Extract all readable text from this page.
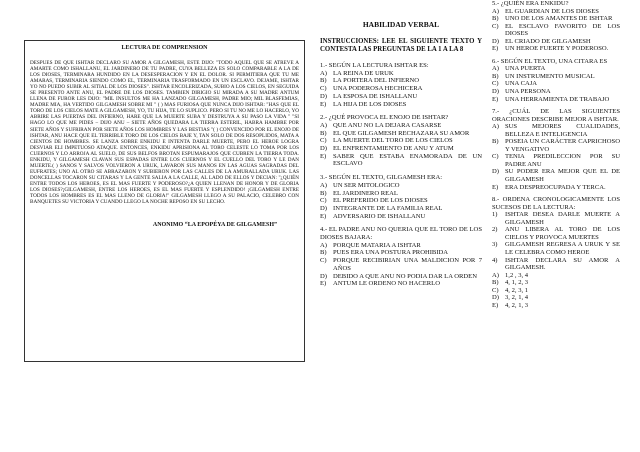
LECTURA DE COMPRENSION

DESPUES DE QUE ISHTAR DECLARO SU AMOR A GILGAMESH, ESTE DIJO: "TODO AQUEL QUE SE ATREVE A AMARTE COMO ISHALLANU, EL JARDINERO DE TU PADRE, CUYA BELLEZA ES SOLO COMPARABLE A LA DE LOS DIOSES, TERMINARA HUNDIDO EN LA DESESPERACION Y EN EL DOLOR. SI PERMITIERA QUE TU ME AMARAS, TERMINARIA SIENDO COMO EL, TERMINARIA TRASFORMADO EN UN ESCLAVO. DEJAME, ISHTAR YO NO PUEDO SUBIR AL SITIAL DE LOS DIOSES". ISHTAR ENCOLERIZADA, SUBIO A LOS CIELOS, EN SEGUIDA SE PRESENTO ANTE ANU, EL PADRE DE LOS DIOSES. TAMBIEN DIRIGIO SU MIRADA A SU MADRE ANTUM LLENA DE FUROR LES DIJO: "MIL INSULTOS ME HA LANZADO GILGAMESH, PADRE MIO; MIL BLASFEMIAS, MADRE MIA, HA VERTIDO GILGAMESH SOBRE MI " ( ) MAS FURIOSA QUE NUNCA DIJO ISHTAR: "HAS QUE EL TORO DE LOS CIELOS MATE A GILGAMESH, YO, TU HIJA, TE LO SUPLICO. PERO SI TU NO ME LO HACERLO, YO ABRIRE LAS PUERTAS DEL INFIERNO, HARE QUE LA MUERTE SUBA Y DESTRUYA A SU PASO LA VIDA " "SI HAGO LO QUE ME PIDES – DIJO ANU – SIETE AÑOS QUEDARA LA TIERRA ESTERIL, HABRA HAMBRE POR SIETE AÑOS Y SUFRIRAN POR SIETE AÑOS LOS HOMBRES Y LAS BESTIAS "( ) CONVENCIDO POR EL ENOJO DE ISHTAR, ANU HACE QUE EL TERRIBLE TORO DE LOS CIELOS BAJE Y, TAN SOLO DE DOS RESOPLIDOS, MATA A CIENTOS DE HOMBRES. SE LANZA SOBRE ENKIDU E INTENTA DARLE MUERTE, PERO EL HEROE LOGRA DESVIAR ELI IMPETUOSO ATAQUE. ENTONCES, ENKIDU APRISIONA AL TORO CELESTE LO TOMA POR LOS CUERNOS Y LO ARROJA AL SUELO, DE SUS BELFOS BROTAN ESPUMARAJOS QUE CUBREN LA TIERRA TODA. ENKIDU, Y GILGAMESH CLAVAN SUS ESPADAS ENTRE LOS CUERNOS Y EL CUELLO DEL TORO Y LE DAN MUERTE.( ) SANOS Y SALVOS VOLVIERON A URUK, LAVARON SUS MANOS EN LAS AGUAS SAGRADAS DEL EUFRATES; UNO AL OTRO SE ABRAZARON Y SUBIERON POR LAS CALLES DE LA AMURALLADA URUK. LAS DONCELLAS TOCARON SU CITARAS Y LA GENTE SALIA A LA CALLE, AL LADO DE ELLOS Y DECIAN: "¿QUIÉN ENTRE TODOS LOS HEROES, ES EL MAS FUERTE Y PODEROSO?¿A QUIEN LLENAN DE HONOR Y DE GLORIA LOS DIOSES?¡GILGAMESH, ENTRE LOS HEROES, ES EL MAS FUERTE Y ESPLENDIDO! ¡GILGAMESH ENTRE TODOS LOS HOMBRES ES EL MAS LLENO DE GLORIA!" GILGAMESH LLEGO A SU PALACIO, CELEBRO CON BANQUETES SU VICTORIA Y CUANDO LLEGO LA NOCHE REPOSO EN SU LECHO.

ANONIMO “LA EPOPÉYA DE GILGAMESH”
HABILIDAD VERBAL
INSTRUCCIONES: LEE EL SIGUIENTE TEXTO Y CONTESTA LAS PREGUNTAS DE LA 1 A LA 8
1.- SEGÚN LA LECTURA ISHTAR ES:
A) LA REINA DE URUK
B) LA PORTERA DEL INFIERNO
C) UNA PODEROSA HECHICERA
D) LA ESPOSA DE ISHALLANU
E)	LA HIJA DE LOS DIOSES
2.- ¿QUÉ PROVOCA EL ENOJO DE ISHTAR?
A) QUE ANU NO LA DEJARA CASARSE
B) EL QUE GILGAMESH RECHAZARA SU AMOR
C) LA MUERTE DEL TORO DE LOS CIELOS
D) EL ENFRENTAMIENTO DE ANU Y ATUM
E)	SABER QUE ESTABA ENAMORADA DE UN ESCLAVO
3.- SEGÚN EL TEXTO, GILGAMESH ERA:
A) UN SER MITOLOGICO
B) EL JARDINERO REAL
C) EL PREFERIDO DE LOS DIOSES
D) INTEGRANTE DE LA FAMILIA REAL
E)	ADVERSARIO DE ISHALLANU
4.- EL PADRE ANU NO QUERIA QUE EL TORO DE LOS DIOSES BAJARA:
A) PORQUE MATARIA A ISHTAR
B) PUES ERA UNA POSTURA PROHIBIDA
C) PORQUE RECIBIRIAN UNA MALDICION POR 7 AÑOS
D) DEBIDO A QUE ANU NO PODIA DAR LA ORDEN
E)	ANTUM LE ORDENO NO HACERLO
5.- ¿QUIÉN ERA ENKIDU?
A) EL GUARDIAN DE LOS DIOSES
B) UNO DE LOS AMANTES DE ISHTAR
C) EL ESCLAVO FAVORITO DE LOS DIOSES
D) EL CRIADO DE GILGAMESH
E)	UN HEROE FUERTE Y PODEROSO.
6.- SEGÚN EL TEXTO, UNA CITARA ES
A) UNA PUERTA
B) UN INSTRUMENTO MUSICAL
C) UNA CAJA
D) UNA PERSONA
E)	UNA HERRAMIENTA DE TRABAJO
7.- ¿CUÁL DE LAS SIGUIENTES ORACIONES DESCRIBE MEJOR A ISHTAR.
A) SUS MEJORES CUALIDADES, BELLEZA E INTELIGENCIA
B) POSEIA UN CARÁCTER CAPRICHOSO Y VENGATIVO
C) TENIA PREDILECCION POR SU PADRE ANU
D) SU PODER ERA MEJOR QUE EL DE GILGAMESH
E)	ERA DESPREOCUPADA Y TERCA.
8.- ORDENA CRONOLOGICAMENTE LOS SUCESOS DE LA LECTURA:
1)	ISHTAR DESEA DARLE MUERTE A GILGAMESH
2)	ANU LIBERA AL TORO DE LOS CIELOS Y PROVOCA MUERTES
3)	GILGAMESH REGRESA A URUK Y SE LE CELEBRA COMO HEROE
4)	ISHTAR DECLARA SU AMOR A GILGAMESH.
A) 1,2 , 3, 4
B) 4, 1, 2, 3
C) 4, 2, 3, 1
D) 3, 2, 1, 4
E)	4, 2, 1, 3
